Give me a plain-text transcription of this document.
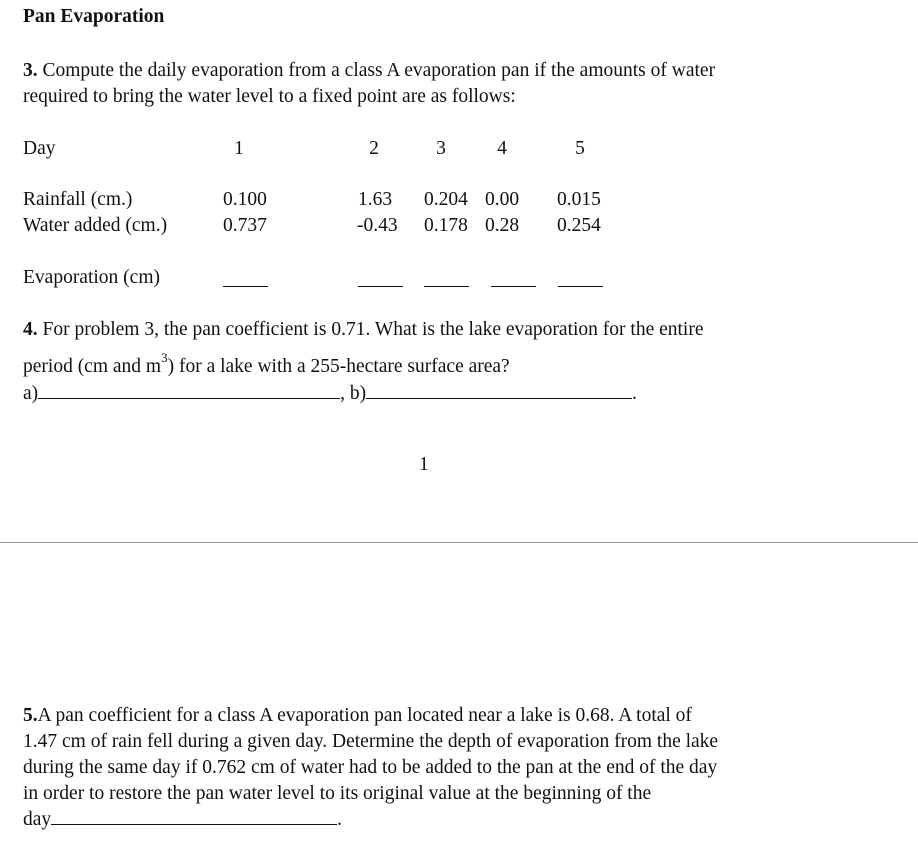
Pan Evaporation
3. Compute the daily evaporation from a class A evaporation pan if the amounts of water
required to bring the water level to a fixed point are as follows:
Day	1	2	3	4	5
Rainfall (cm.)	0.100	1.63 0.204 0.00 0.015
Water added (cm.)	0.737	-0.43 0.178 0.28 0.254
Evaporation (cm)
4. For problem 3, the pan coefficient is 0.71. What is the lake evaporation for the entire
period (cm and $m^3$) for a lake with a 255-hectare surface area?
a)	, b)	.
1
5.A pan coefficient for a class A evaporation pan located near a lake is 0.68. A total of
1.47 cm of rain fell during a given day. Determine the depth of evaporation from the lake
during the same day if 0.762 cm of water had to be added to the pan at the end of the day
in order to restore the pan water level to its original value at the beginning of the
day	.
